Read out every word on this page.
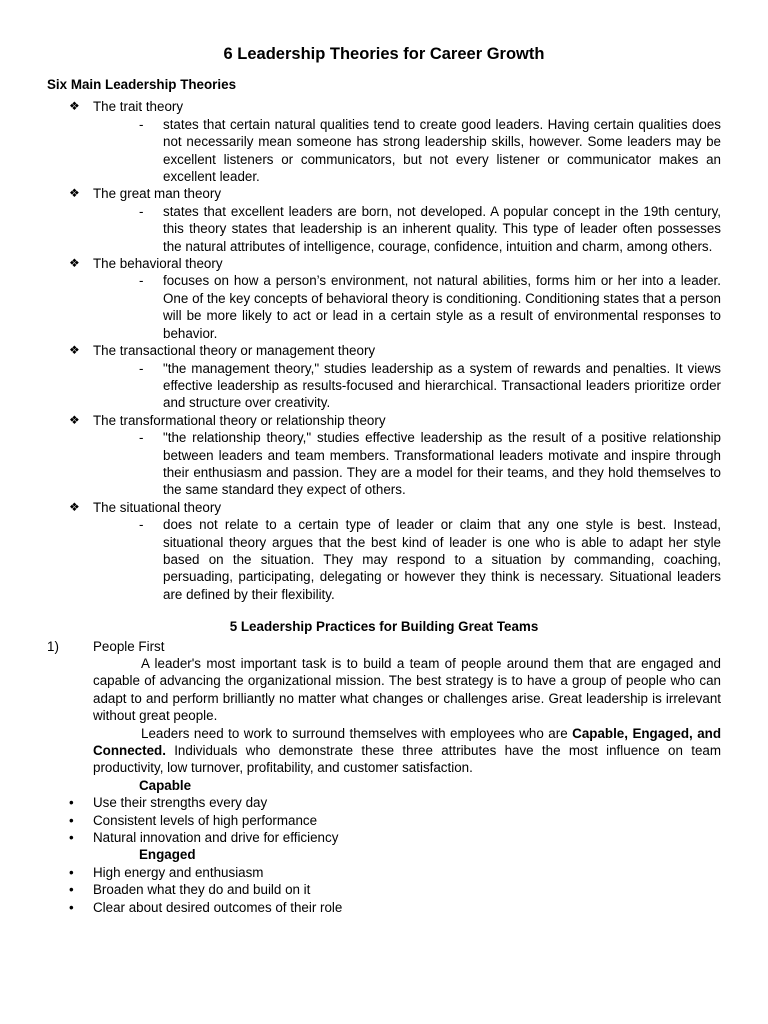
6 Leadership Theories for Career Growth
Six Main Leadership Theories
❖ The trait theory
- states that certain natural qualities tend to create good leaders. Having certain qualities does not necessarily mean someone has strong leadership skills, however. Some leaders may be excellent listeners or communicators, but not every listener or communicator makes an excellent leader.
❖ The great man theory
- states that excellent leaders are born, not developed. A popular concept in the 19th century, this theory states that leadership is an inherent quality. This type of leader often possesses the natural attributes of intelligence, courage, confidence, intuition and charm, among others.
❖ The behavioral theory
- focuses on how a person’s environment, not natural abilities, forms him or her into a leader. One of the key concepts of behavioral theory is conditioning. Conditioning states that a person will be more likely to act or lead in a certain style as a result of environmental responses to behavior.
❖ The transactional theory or management theory
- "the management theory," studies leadership as a system of rewards and penalties. It views effective leadership as results-focused and hierarchical. Transactional leaders prioritize order and structure over creativity.
❖ The transformational theory or relationship theory
- "the relationship theory," studies effective leadership as the result of a positive relationship between leaders and team members. Transformational leaders motivate and inspire through their enthusiasm and passion. They are a model for their teams, and they hold themselves to the same standard they expect of others.
❖ The situational theory
- does not relate to a certain type of leader or claim that any one style is best. Instead, situational theory argues that the best kind of leader is one who is able to adapt her style based on the situation. They may respond to a situation by commanding, coaching, persuading, participating, delegating or however they think is necessary. Situational leaders are defined by their flexibility.
5 Leadership Practices for Building Great Teams
1)	People First
A leader's most important task is to build a team of people around them that are engaged and capable of advancing the organizational mission. The best strategy is to have a group of people who can adapt to and perform brilliantly no matter what changes or challenges arise. Great leadership is irrelevant without great people.
Leaders need to work to surround themselves with employees who are Capable, Engaged, and Connected. Individuals who demonstrate these three attributes have the most influence on team productivity, low turnover, profitability, and customer satisfaction.
Capable
• Use their strengths every day
• Consistent levels of high performance
• Natural innovation and drive for efficiency
Engaged
• High energy and enthusiasm
• Broaden what they do and build on it
• Clear about desired outcomes of their role
